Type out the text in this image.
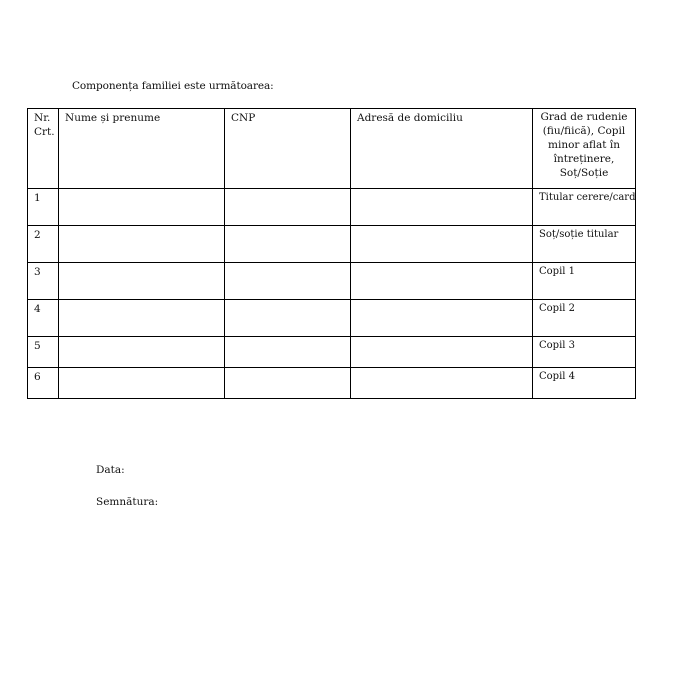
Componența familiei este următoarea:
Nr. Crt.	Nume și prenume	CNP	Adresă de domiciliu	Grad de rudenie (fiu/fiică), Copil minor aflat în întreținere, Soț/Soție
1				Titular cerere/card
2				Soț/soție titular
3				Copil 1
4				Copil 2
5				Copil 3
6				Copil 4
Data:
Semnătura:
